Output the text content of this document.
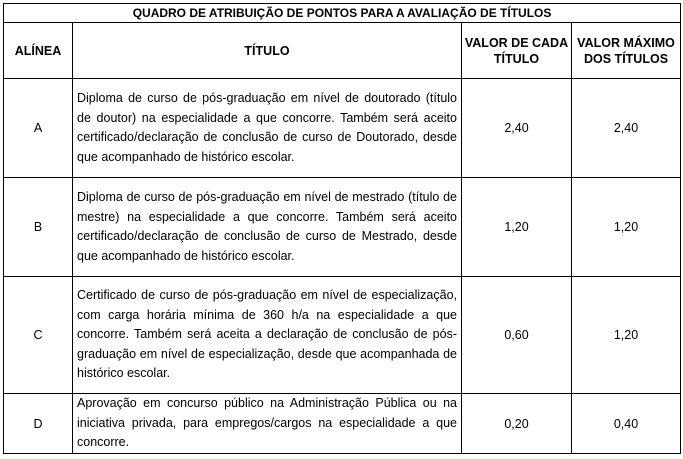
QUADRO DE ATRIBUIÇÃO DE PONTOS PARA A AVALIAÇÃO DE TÍTULOS			
ALÍNEA	TÍTULO	VALOR DE CADA TÍTULO	VALOR MÁXIMO DOS TÍTULOS
A	Diploma de curso de pós-graduação em nível de doutorado (título de doutor) na especialidade a que concorre. Também será aceito certificado/declaração de conclusão de curso de Doutorado, desde que acompanhado de histórico escolar.	2,40	2,40
B	Diploma de curso de pós-graduação em nível de mestrado (título de mestre) na especialidade a que concorre. Também será aceito certificado/declaração de conclusão de curso de Mestrado, desde que acompanhado de histórico escolar.	1,20	1,20
C	Certificado de curso de pós-graduação em nível de especialização, com carga horária mínima de 360 h/a na especialidade a que concorre. Também será aceita a declaração de conclusão de pós-graduação em nível de especialização, desde que acompanhada de histórico escolar.	0,60	1,20
D	Aprovação em concurso público na Administração Pública ou na iniciativa privada, para empregos/cargos na especialidade a que concorre.	0,20	0,40
